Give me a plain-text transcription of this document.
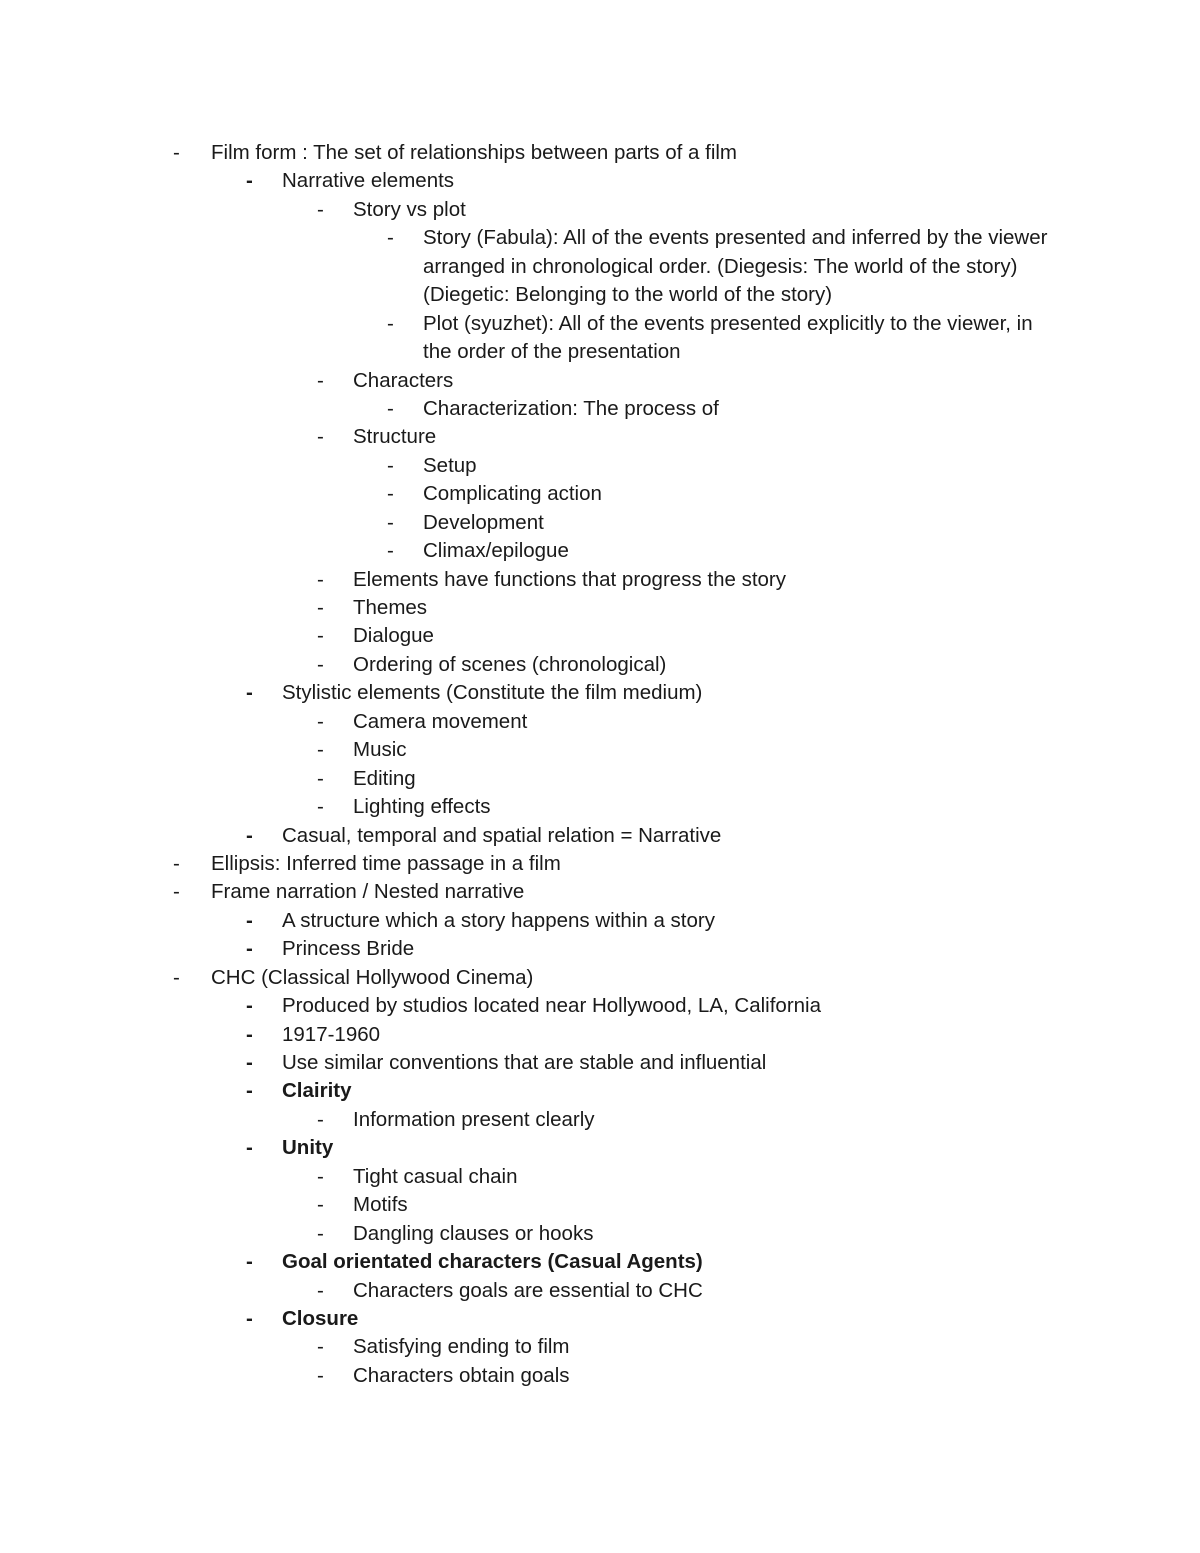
-	Film form : The set of relationships between parts of a film
-	Narrative elements
-	Story vs plot
-	Story (Fabula): All of the events presented and inferred by the viewer arranged in chronological order. (Diegesis: The world of the story) (Diegetic: Belonging to the world of the story)
-	Plot (syuzhet): All of the events presented explicitly to the viewer, in the order of the presentation
-	Characters
-	Characterization: The process of
-	Structure
-	Setup
-	Complicating action
-	Development
-	Climax/epilogue
-	Elements have functions that progress the story
-	Themes
-	Dialogue
-	Ordering of scenes (chronological)
-	Stylistic elements (Constitute the film medium)
-	Camera movement
-	Music
-	Editing
-	Lighting effects
-	Casual, temporal and spatial relation = Narrative
-	Ellipsis: Inferred time passage in a film
-	Frame narration / Nested narrative
-	A structure which a story happens within a story
-	Princess Bride
-	CHC (Classical Hollywood Cinema)
-	Produced by studios located near Hollywood, LA, California
-	1917-1960
-	Use similar conventions that are stable and influential
-	Clairity
-	Information present clearly
-	Unity
-	Tight casual chain
-	Motifs
-	Dangling clauses or hooks
-	Goal orientated characters (Casual Agents)
-	Characters goals are essential to CHC
-	Closure
-	Satisfying ending to film
-	Characters obtain goals
